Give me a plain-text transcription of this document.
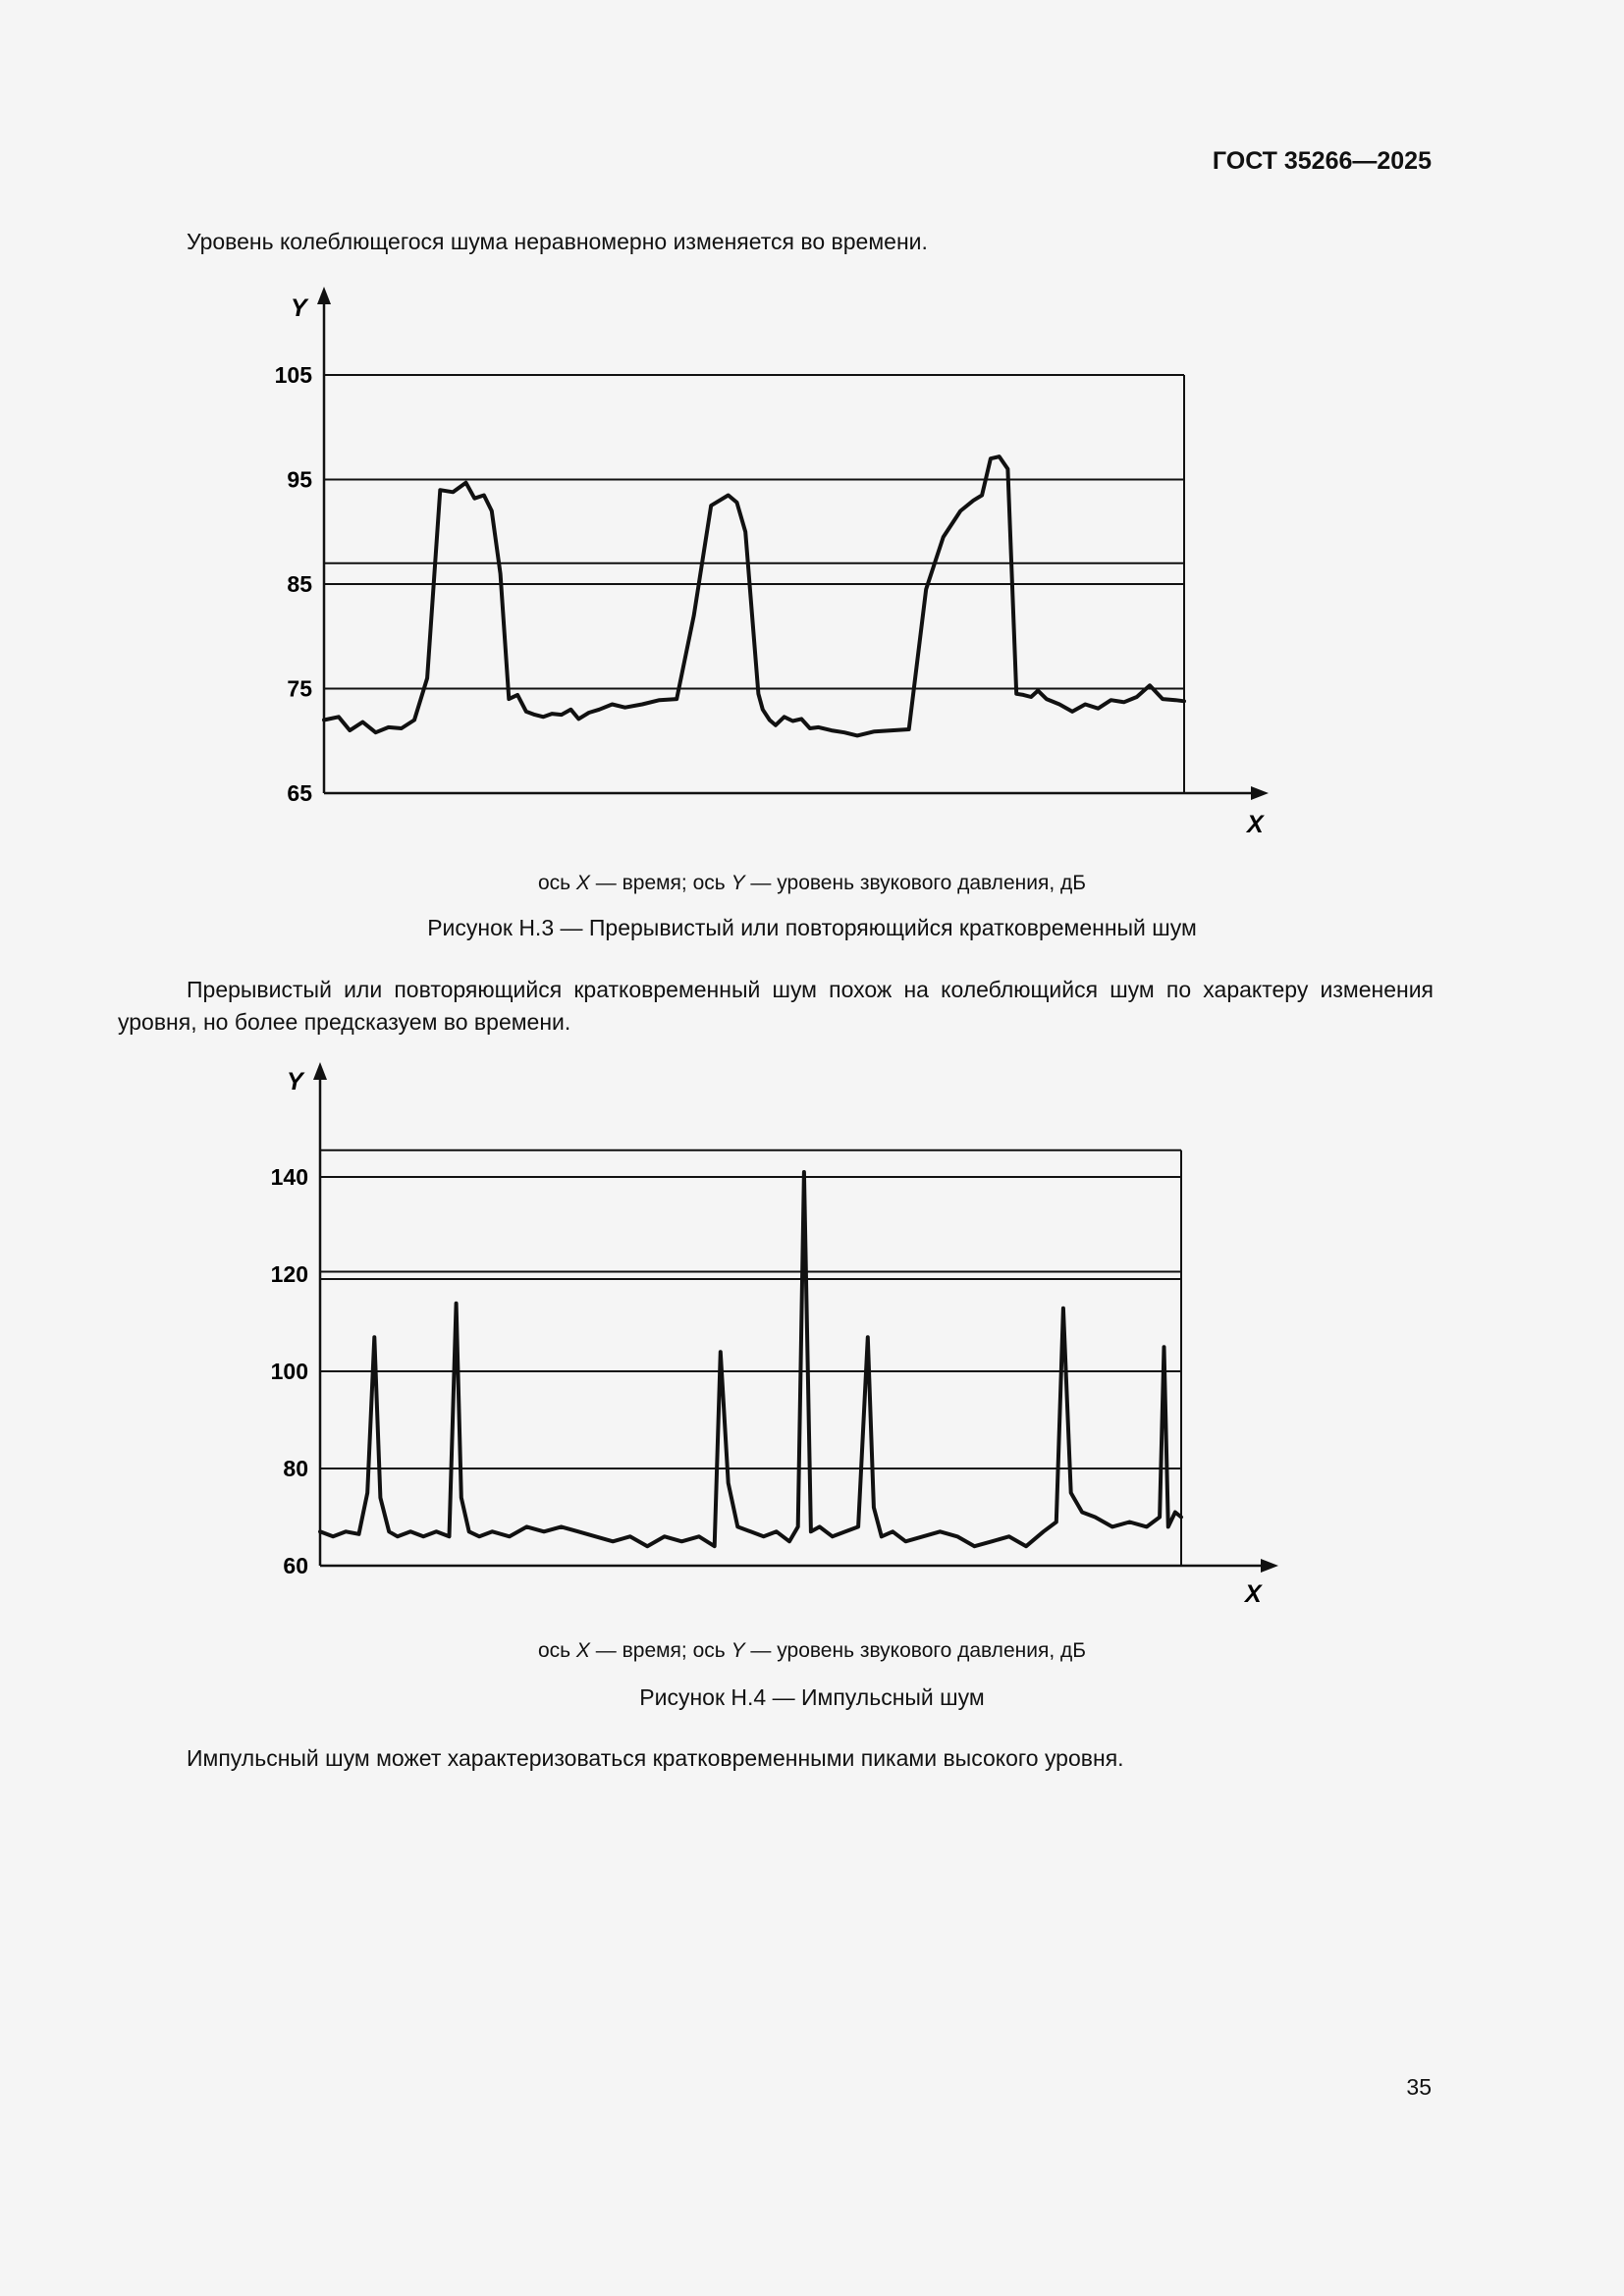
ГОСТ 35266—2025
Уровень колеблющегося шума неравномерно изменяется во времени.
Y
X
65
75
85
95
105
ось X — время; ось Y — уровень звукового давления, дБ
Рисунок Н.3 — Прерывистый или повторяющийся кратковременный шум
Прерывистый или повторяющийся кратковременный шум похож на колеблющийся шум по характеру изменения уровня, но более предсказуем во времени.
Y
X
60
80
100
120
140
ось X — время; ось Y — уровень звукового давления, дБ
Рисунок Н.4 — Импульсный шум
Импульсный шум может характеризоваться кратковременными пиками высокого уровня.
35
